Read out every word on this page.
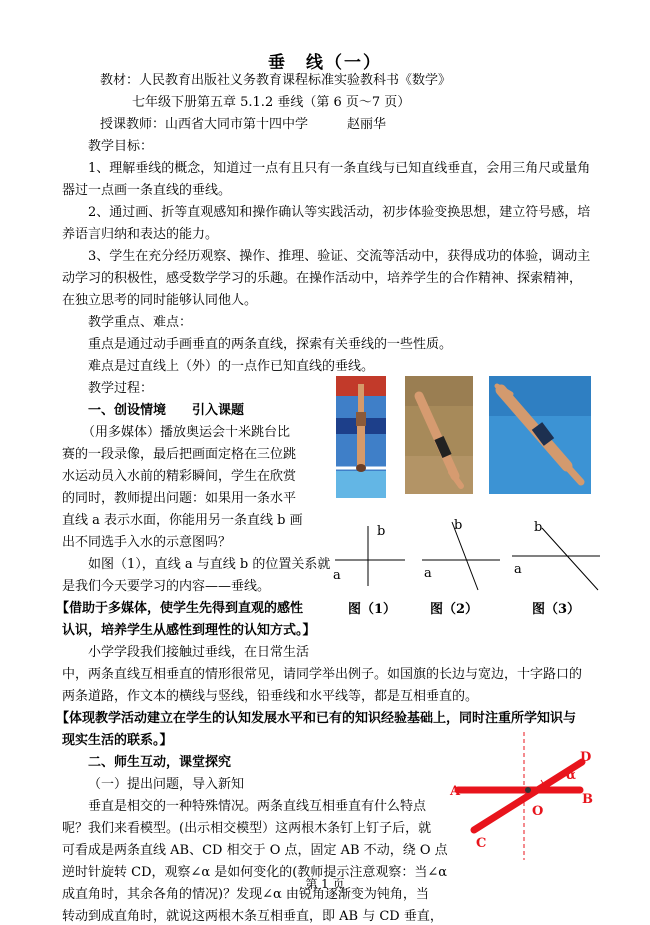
垂　线（一）
教材：人民教育出版社义务教育课程标准实验教科书《数学》
七年级下册第五章 5.1.2 垂线（第 6 页～7 页）
授课教师：山西省大同市第十四中学　　　赵丽华
教学目标：
1、理解垂线的概念，知道过一点有且只有一条直线与已知直线垂直，会用三角尺或量角
器过一点画一条直线的垂线。
2、通过画、折等直观感知和操作确认等实践活动，初步体验变换思想，建立符号感，培
养语言归纳和表达的能力。
3、学生在充分经历观察、操作、推理、验证、交流等活动中，获得成功的体验，调动主
动学习的积极性，感受数学学习的乐趣。在操作活动中，培养学生的合作精神、探索精神，
在独立思考的同时能够认同他人。
教学重点、难点：
重点是通过动手画垂直的两条直线，探索有关垂线的一些性质。
难点是过直线上（外）的一点作已知直线的垂线。
教学过程：
一、创设情境　　引入课题
（用多媒体）播放奥运会十米跳台比
赛的一段录像，最后把画面定格在三位跳
水运动员入水前的精彩瞬间，学生在欣赏
的同时，教师提出问题：如果用一条水平
直线 a 表示水面，你能用另一条直线 b 画
出不同选手入水的示意图吗？
如图（1），直线 a 与直线 b 的位置关系就
是我们今天要学习的内容——垂线。
【借助于多媒体，使学生先得到直观的感性
认识，培养学生从感性到理性的认知方式。】
小学学段我们接触过垂线，在日常生活
中，两条直线互相垂直的情形很常见，请同学举出例子。如国旗的长边与宽边，十字路口的
两条道路，作文本的横线与竖线，铅垂线和水平线等，都是互相垂直的。
【体现教学活动建立在学生的认知发展水平和已有的知识经验基础上，同时注重所学知识与
现实生活的联系。】
二、师生互动，课堂探究
（一）提出问题，导入新知
垂直是相交的一种特殊情况。两条直线互相垂直有什么特点
呢？我们来看模型。(出示相交模型）这两根木条钉上钉子后，就
可看成是两条直线 AB、CD 相交于 O 点，固定 AB 不动，绕 O 点
逆时针旋转 CD，观察∠α 是如何变化的(教师提示注意观察：当∠α
成直角时，其余各角的情况)？发现∠α 由锐角逐渐变为钝角，当
转动到成直角时，就说这两根木条互相垂直，即 AB 与 CD 垂直，
b
a
图（1）
b
a
图（2）
b
a
图（3）
A
B
C
D
O
α
第 1 页
